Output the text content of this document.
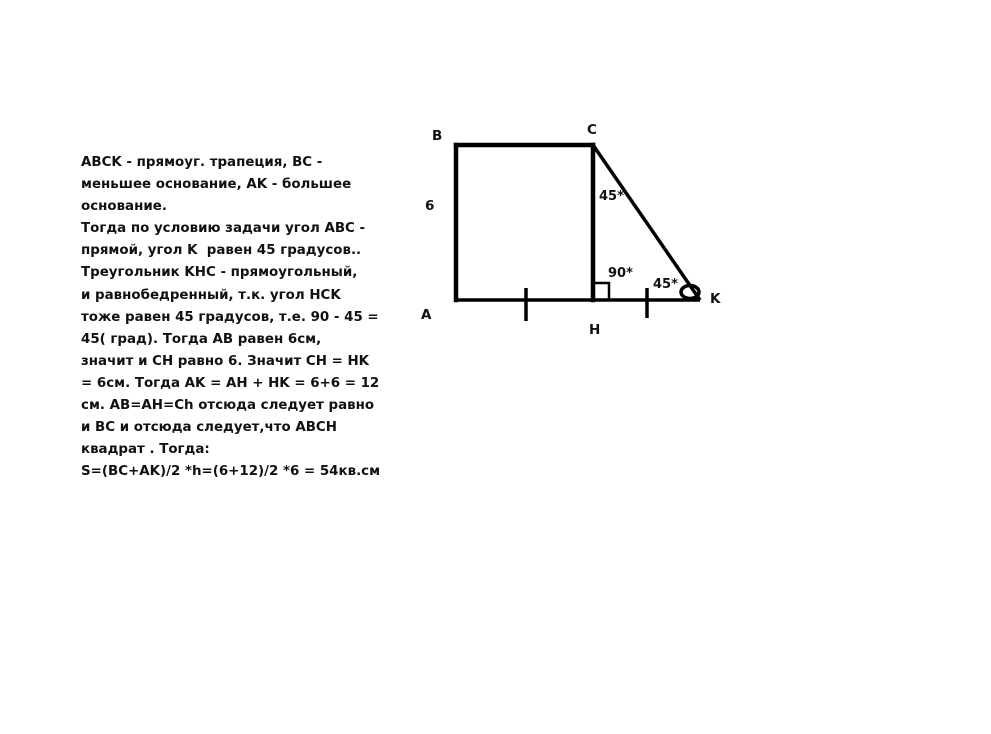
ABCK - прямоуг. трапеция, BC -
меньшее основание, AK - большее
основание.
Тогда по условию задачи угол ABC -
прямой, угол K  равен 45 градусов..
Треугольник KHC - прямоугольный,
и равнобедренный, т.к. угол HCK
тоже равен 45 градусов, т.е. 90 - 45 =
45( град). Тогда AB равен 6см,
значит и CH равно 6. Значит CH = HK
= 6см. Тогда AK = AH + HK = 6+6 = 12
см. AB=AH=Ch отсюда следует равно
и BC и отсюда следует,что ABCH
квадрат . Тогда:
S=(BC+AK)/2 *h=(6+12)/2 *6 = 54кв.см
B	C
A
H
K
6
45*
90*
45*
